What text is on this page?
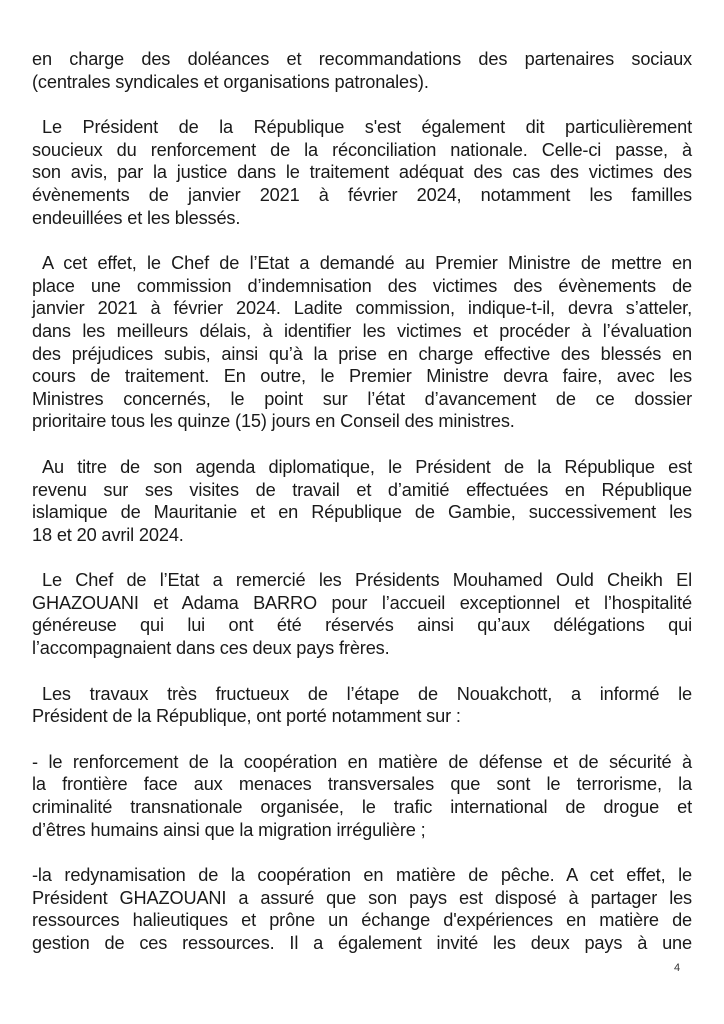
en charge des doléances et recommandations des partenaires sociaux
(centrales syndicales et organisations patronales).

Le Président de la République s'est également dit particulièrement
soucieux du renforcement de la réconciliation nationale. Celle-ci passe, à
son avis, par la justice dans le traitement adéquat des cas des victimes des
évènements de janvier 2021 à février 2024, notamment les familles
endeuillées et les blessés.

A cet effet, le Chef de l’Etat a demandé au Premier Ministre de mettre en
place une commission d’indemnisation des victimes des évènements de
janvier 2021 à février 2024. Ladite commission, indique-t-il, devra s’atteler,
dans les meilleurs délais, à identifier les victimes et procéder à l’évaluation
des préjudices subis, ainsi qu’à la prise en charge effective des blessés en
cours de traitement. En outre, le Premier Ministre devra faire, avec les
Ministres concernés, le point sur l’état d’avancement de ce dossier
prioritaire tous les quinze (15) jours en Conseil des ministres.

Au titre de son agenda diplomatique, le Président de la République est
revenu sur ses visites de travail et d’amitié effectuées en République
islamique de Mauritanie et en République de Gambie, successivement les
18 et 20 avril 2024.

Le Chef de l’Etat a remercié les Présidents Mouhamed Ould Cheikh El
GHAZOUANI et Adama BARRO pour l’accueil exceptionnel et l’hospitalité
généreuse qui lui ont été réservés ainsi qu’aux délégations qui
l’accompagnaient dans ces deux pays frères.

Les travaux très fructueux de l’étape de Nouakchott, a informé le
Président de la République, ont porté notamment sur :

- le renforcement de la coopération en matière de défense et de sécurité à
la frontière face aux menaces transversales que sont le terrorisme, la
criminalité transnationale organisée, le trafic international de drogue et
d’êtres humains ainsi que la migration irrégulière ;

-la redynamisation de la coopération en matière de pêche. A cet effet, le
Président GHAZOUANI a assuré que son pays est disposé à partager les
ressources halieutiques et prône un échange d'expériences en matière de
gestion de ces ressources. Il a également invité les deux pays à une

4
